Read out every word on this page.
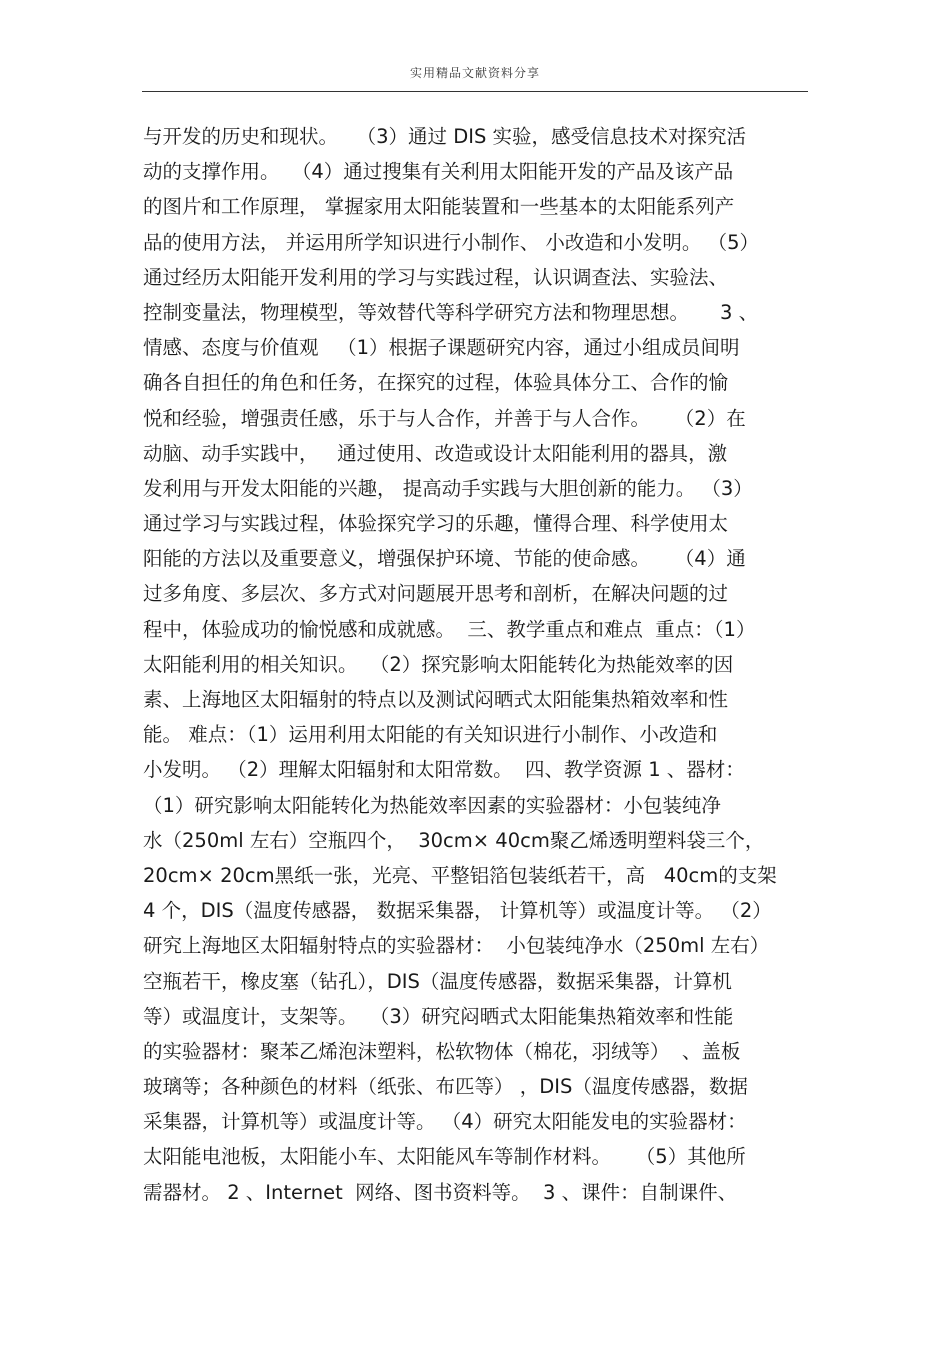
实用精品文献资料分享
与开发的历史和现状。   （3）通过 DIS 实验，感受信息技术对探究活
动的支撑作用。  （4）通过搜集有关利用太阳能开发的产品及该产品
的图片和工作原理， 掌握家用太阳能装置和一些基本的太阳能系列产
品的使用方法， 并运用所学知识进行小制作、 小改造和小发明。 （5）
通过经历太阳能开发利用的学习与实践过程，认识调查法、实验法、
控制变量法，物理模型，等效替代等科学研究方法和物理思想。     3 、
情感、态度与价值观   （1）根据子课题研究内容，通过小组成员间明
确各自担任的角色和任务，在探究的过程，体验具体分工、合作的愉
悦和经验，增强责任感，乐于与人合作，并善于与人合作。    （2）在
动脑、动手实践中，   通过使用、改造或设计太阳能利用的器具，激
发利用与开发太阳能的兴趣， 提高动手实践与大胆创新的能力。 （3）
通过学习与实践过程，体验探究学习的乐趣，懂得合理、科学使用太
阳能的方法以及重要意义，增强保护环境、节能的使命感。    （4）通
过多角度、多层次、多方式对问题展开思考和剖析，在解决问题的过
程中，体验成功的愉悦感和成就感。  三、教学重点和难点  重点：（1）
太阳能利用的相关知识。  （2）探究影响太阳能转化为热能效率的因
素、上海地区太阳辐射的特点以及测试闷晒式太阳能集热箱效率和性
能。 难点：（1）运用利用太阳能的有关知识进行小制作、小改造和
小发明。 （2）理解太阳辐射和太阳常数。  四、教学资源 1 、器材：
（1）研究影响太阳能转化为热能效率因素的实验器材：小包装纯净
水（250ml 左右）空瓶四个，  30cm× 40cm聚乙烯透明塑料袋三个，
20cm× 20cm黑纸一张，光亮、平整铝箔包装纸若干，高   40cm的支架
4 个，DIS（温度传感器， 数据采集器， 计算机等）或温度计等。 （2）
研究上海地区太阳辐射特点的实验器材：  小包装纯净水（250ml 左右）
空瓶若干，橡皮塞（钻孔），DIS（温度传感器，数据采集器，计算机
等）或温度计，支架等。  （3）研究闷晒式太阳能集热箱效率和性能
的实验器材：聚苯乙烯泡沫塑料，松软物体（棉花，羽绒等）  、盖板
玻璃等；各种颜色的材料（纸张、布匹等） ，DIS（温度传感器，数据
采集器，计算机等）或温度计等。 （4）研究太阳能发电的实验器材：
太阳能电池板，太阳能小车、太阳能风车等制作材料。    （5）其他所
需器材。 2 、Internet  网络、图书资料等。  3 、课件：自制课件、
